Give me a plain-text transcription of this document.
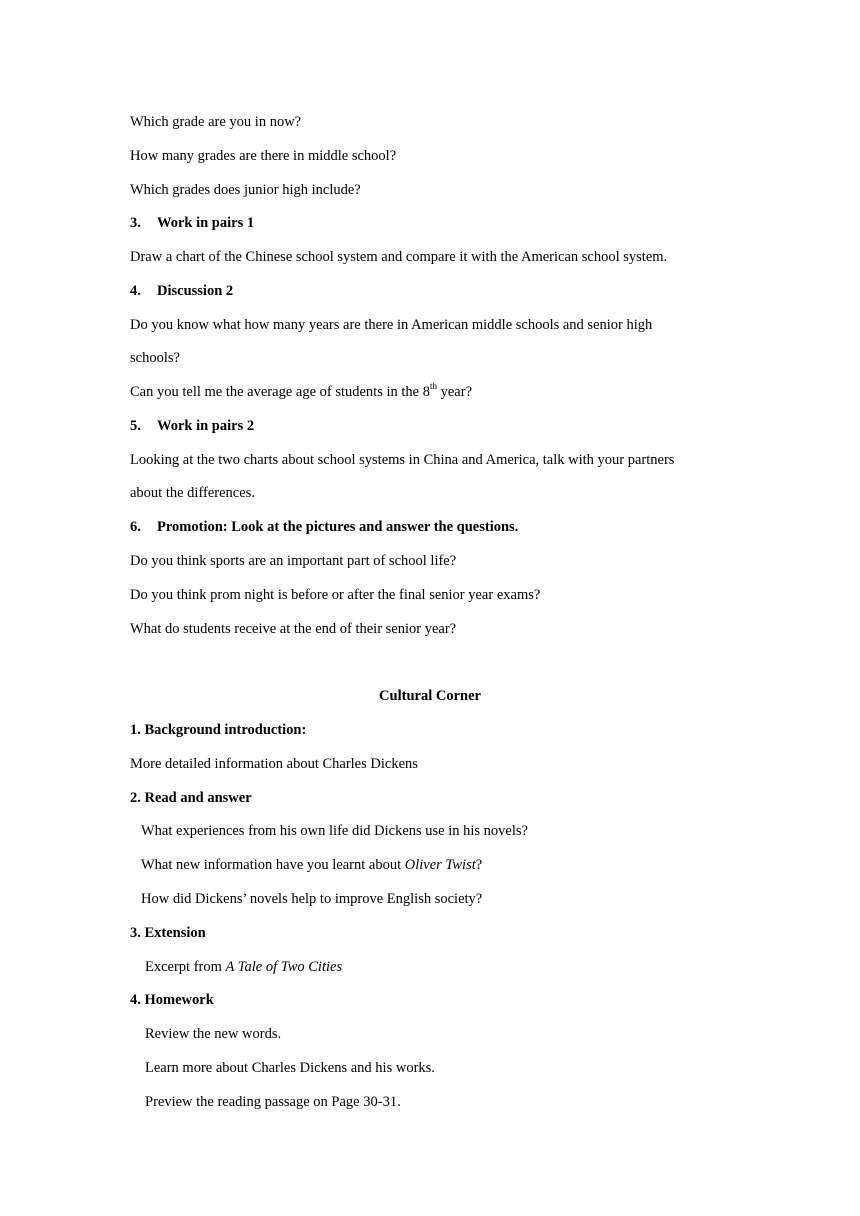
Which grade are you in now?
How many grades are there in middle school?
Which grades does junior high include?
3. Work in pairs 1
Draw a chart of the Chinese school system and compare it with the American school system.
4. Discussion 2
Do you know what how many years are there in American middle schools and senior high
schools?
Can you tell me the average age of students in the 8th year?
5. Work in pairs 2
Looking at the two charts about school systems in China and America, talk with your partners
about the differences.
6. Promotion: Look at the pictures and answer the questions.
Do you think sports are an important part of school life?
Do you think prom night is before or after the final senior year exams?
What do students receive at the end of their senior year?
Cultural Corner
1. Background introduction:
More detailed information about Charles Dickens
2. Read and answer
What experiences from his own life did Dickens use in his novels?
What new information have you learnt about Oliver Twist?
How did Dickens’ novels help to improve English society?
3. Extension
Excerpt from A Tale of Two Cities
4. Homework
Review the new words.
Learn more about Charles Dickens and his works.
Preview the reading passage on Page 30-31.
